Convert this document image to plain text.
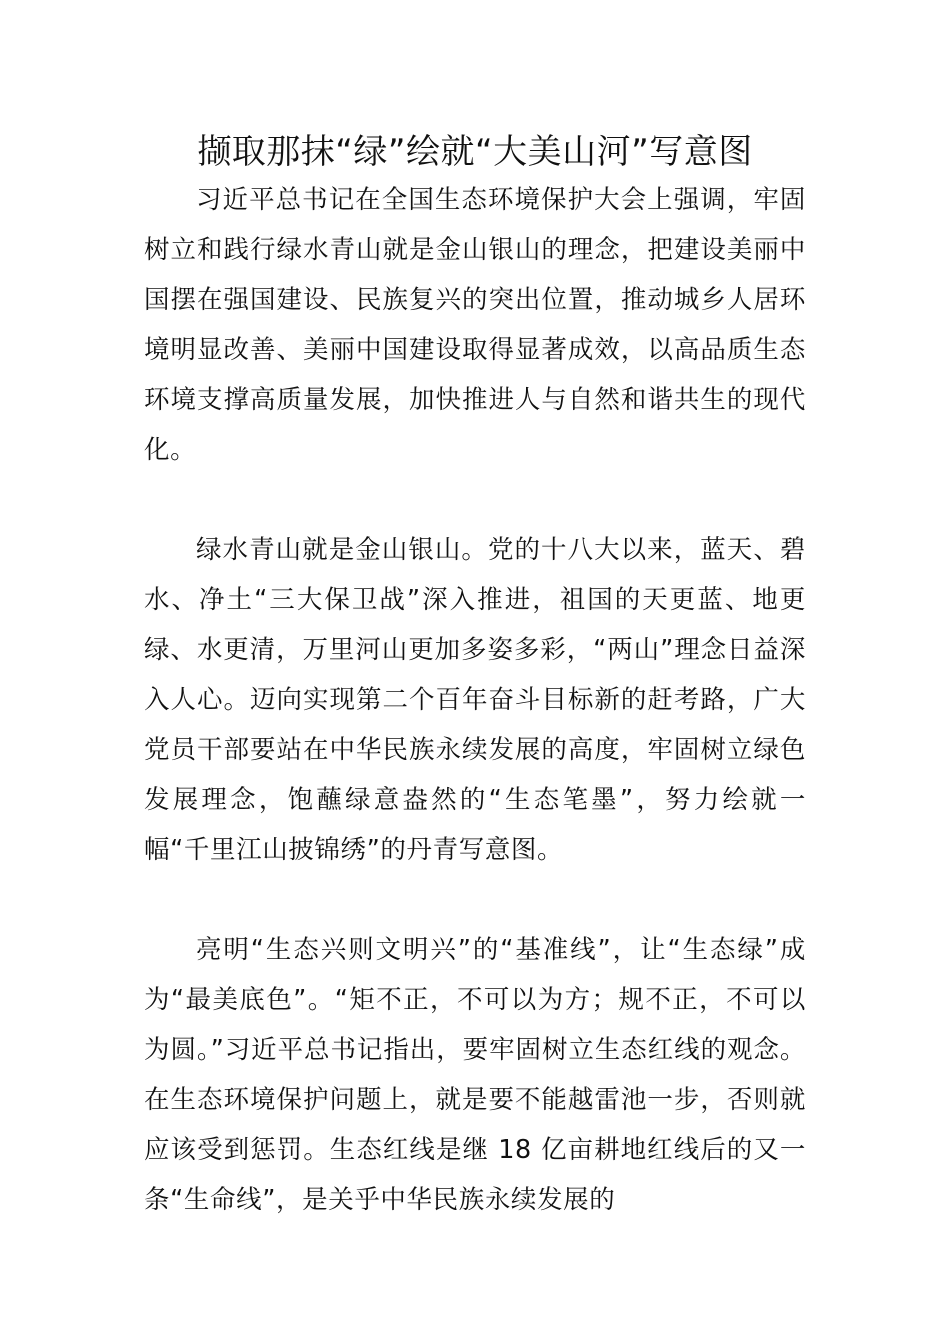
撷取那抹“绿”绘就“大美山河”写意图

习近平总书记在全国生态环境保护大会上强调，牢固树立和践行绿水青山就是金山银山的理念，把建设美丽中国摆在强国建设、民族复兴的突出位置，推动城乡人居环境明显改善、美丽中国建设取得显著成效，以高品质生态环境支撑高质量发展，加快推进人与自然和谐共生的现代化。

绿水青山就是金山银山。党的十八大以来，蓝天、碧水、净土“三大保卫战”深入推进，祖国的天更蓝、地更绿、水更清，万里河山更加多姿多彩，“两山”理念日益深入人心。迈向实现第二个百年奋斗目标新的赶考路，广大党员干部要站在中华民族永续发展的高度，牢固树立绿色发展理念，饱蘸绿意盎然的“生态笔墨”，努力绘就一幅“千里江山披锦绣”的丹青写意图。

亮明“生态兴则文明兴”的“基准线”，让“生态绿”成为“最美底色”。“矩不正，不可以为方；规不正，不可以为圆。”习近平总书记指出，要牢固树立生态红线的观念。在生态环境保护问题上，就是要不能越雷池一步，否则就应该受到惩罚。生态红线是继 18 亿亩耕地红线后的又一条“生命线”，是关乎中华民族永续发展的
